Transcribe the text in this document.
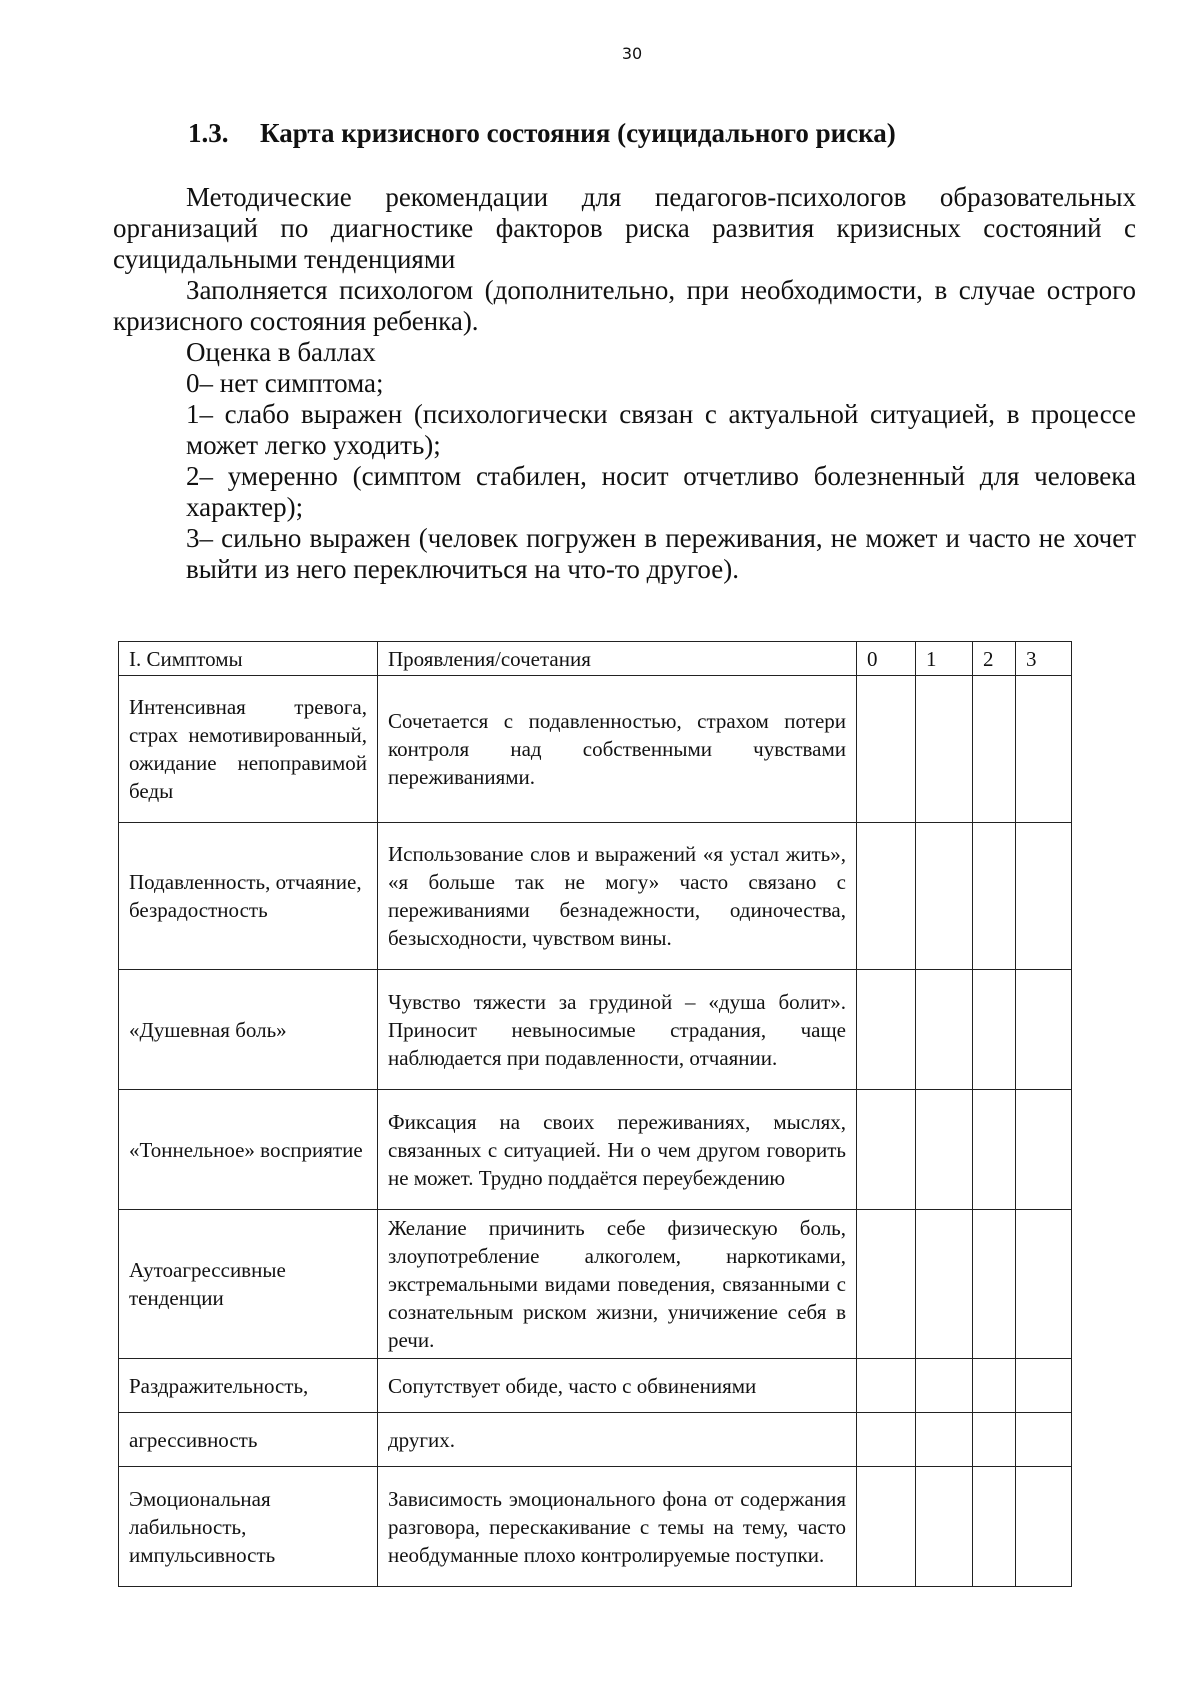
30
1.3. Карта кризисного состояния (суицидального риска)

Методические рекомендации для педагогов-психологов образовательных организаций по диагностике факторов риска развития кризисных состояний с суицидальными тенденциями

Заполняется психологом (дополнительно, при необходимости, в случае острого кризисного состояния ребенка).

Оценка в баллах

0– нет симптома;

1– слабо выражен (психологически связан с актуальной ситуацией, в процессе может легко уходить);

2– умеренно (симптом стабилен, носит отчетливо болезненный для человека характер);

3– сильно выражен (человек погружен в переживания, не может и часто не хочет выйти из него переключиться на что-то другое).

I. Симптомы	Проявления/сочетания	0	1	2	3
Интенсивная тревога, страх немотивированный, ожидание непоправимой беды	Сочетается с подавленностью, страхом потери контроля над собственными чувствами переживаниями.				
Подавленность, отчаяние, безрадостность	Использование слов и выражений «я устал жить», «я больше так не могу» часто связано с переживаниями безнадежности, одиночества, безысходности, чувством вины.				
«Душевная боль»	Чувство тяжести за грудиной – «душа болит». Приносит невыносимые страдания, чаще наблюдается при подавленности, отчаянии.				
«Тоннельное» восприятие	Фиксация на своих переживаниях, мыслях, связанных с ситуацией. Ни о чем другом говорить не может. Трудно поддаётся переубеждению				
Аутоагрессивные тенденции	Желание причинить себе физическую боль, злоупотребление алкоголем, наркотиками, экстремальными видами поведения, связанными с сознательным риском жизни, уничижение себя в речи.				
Раздражительность,	Сопутствует обиде, часто с обвинениями				
агрессивность	других.				
Эмоциональная лабильность, импульсивность	Зависимость эмоционального фона от содержания разговора, перескакивание с темы на тему, часто необдуманные плохо контролируемые поступки.				
